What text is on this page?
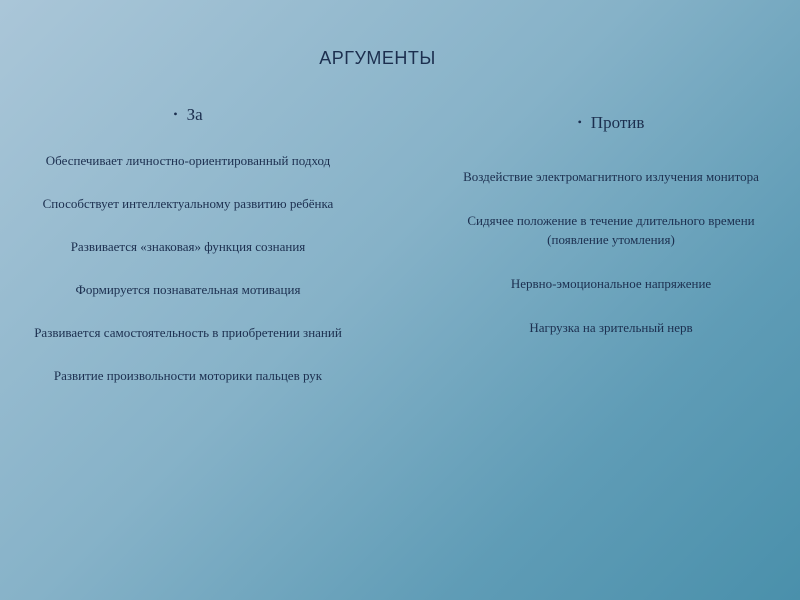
АРГУМЕНТЫ

• За

Обеспечивает личностно-ориентированный подход
Способствует интеллектуальному развитию ребёнка
Развивается «знаковая» функция сознания
Формируется познавательная мотивация
Развивается самостоятельность в приобретении знаний
Развитие произвольности моторики пальцев рук

• Против

Воздействие электромагнитного излучения монитора
Сидячее положение в течение длительного времени (появление утомления)
Нервно-эмоциональное напряжение
Нагрузка на зрительный нерв
